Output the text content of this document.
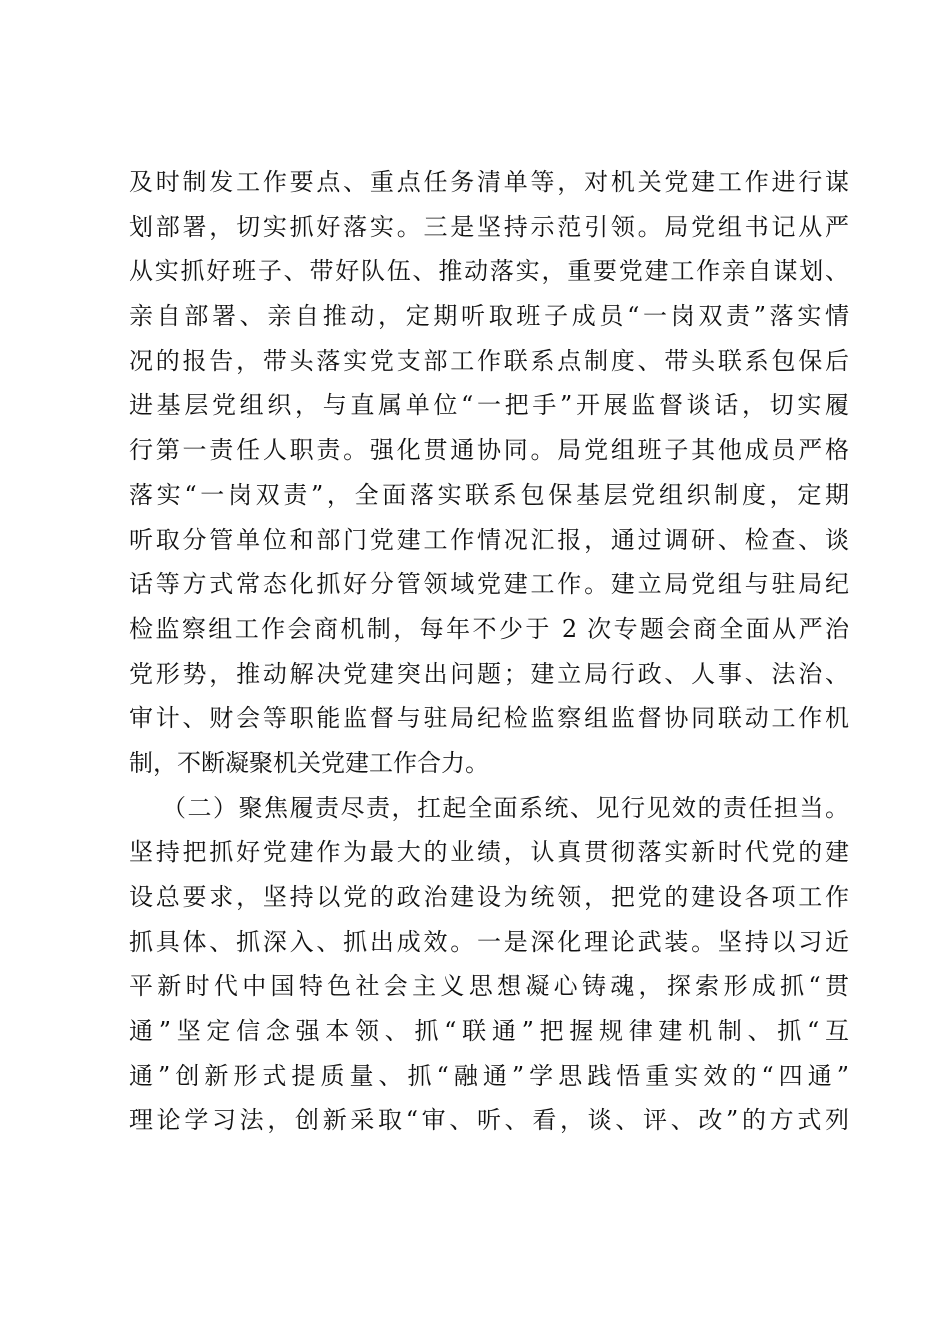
及时制发工作要点、重点任务清单等，对机关党建工作进行谋
划部署，切实抓好落实。三是坚持示范引领。局党组书记从严
从实抓好班子、带好队伍、推动落实，重要党建工作亲自谋划、
亲自部署、亲自推动，定期听取班子成员“一岗双责”落实情
况的报告，带头落实党支部工作联系点制度、带头联系包保后
进基层党组织，与直属单位“一把手”开展监督谈话，切实履
行第一责任人职责。强化贯通协同。局党组班子其他成员严格
落实“一岗双责”，全面落实联系包保基层党组织制度，定期
听取分管单位和部门党建工作情况汇报，通过调研、检查、谈
话等方式常态化抓好分管领域党建工作。建立局党组与驻局纪
检监察组工作会商机制，每年不少于 2 次专题会商全面从严治
党形势，推动解决党建突出问题；建立局行政、人事、法治、
审计、财会等职能监督与驻局纪检监察组监督协同联动工作机
制，不断凝聚机关党建工作合力。
（二）聚焦履责尽责，扛起全面系统、见行见效的责任担当。
坚持把抓好党建作为最大的业绩，认真贯彻落实新时代党的建
设总要求，坚持以党的政治建设为统领，把党的建设各项工作
抓具体、抓深入、抓出成效。一是深化理论武装。坚持以习近
平新时代中国特色社会主义思想凝心铸魂，探索形成抓“贯
通”坚定信念强本领、抓“联通”把握规律建机制、抓“互
通”创新形式提质量、抓“融通”学思践悟重实效的“四通”
理论学习法，创新采取“审、听、看，谈、评、改”的方式列
